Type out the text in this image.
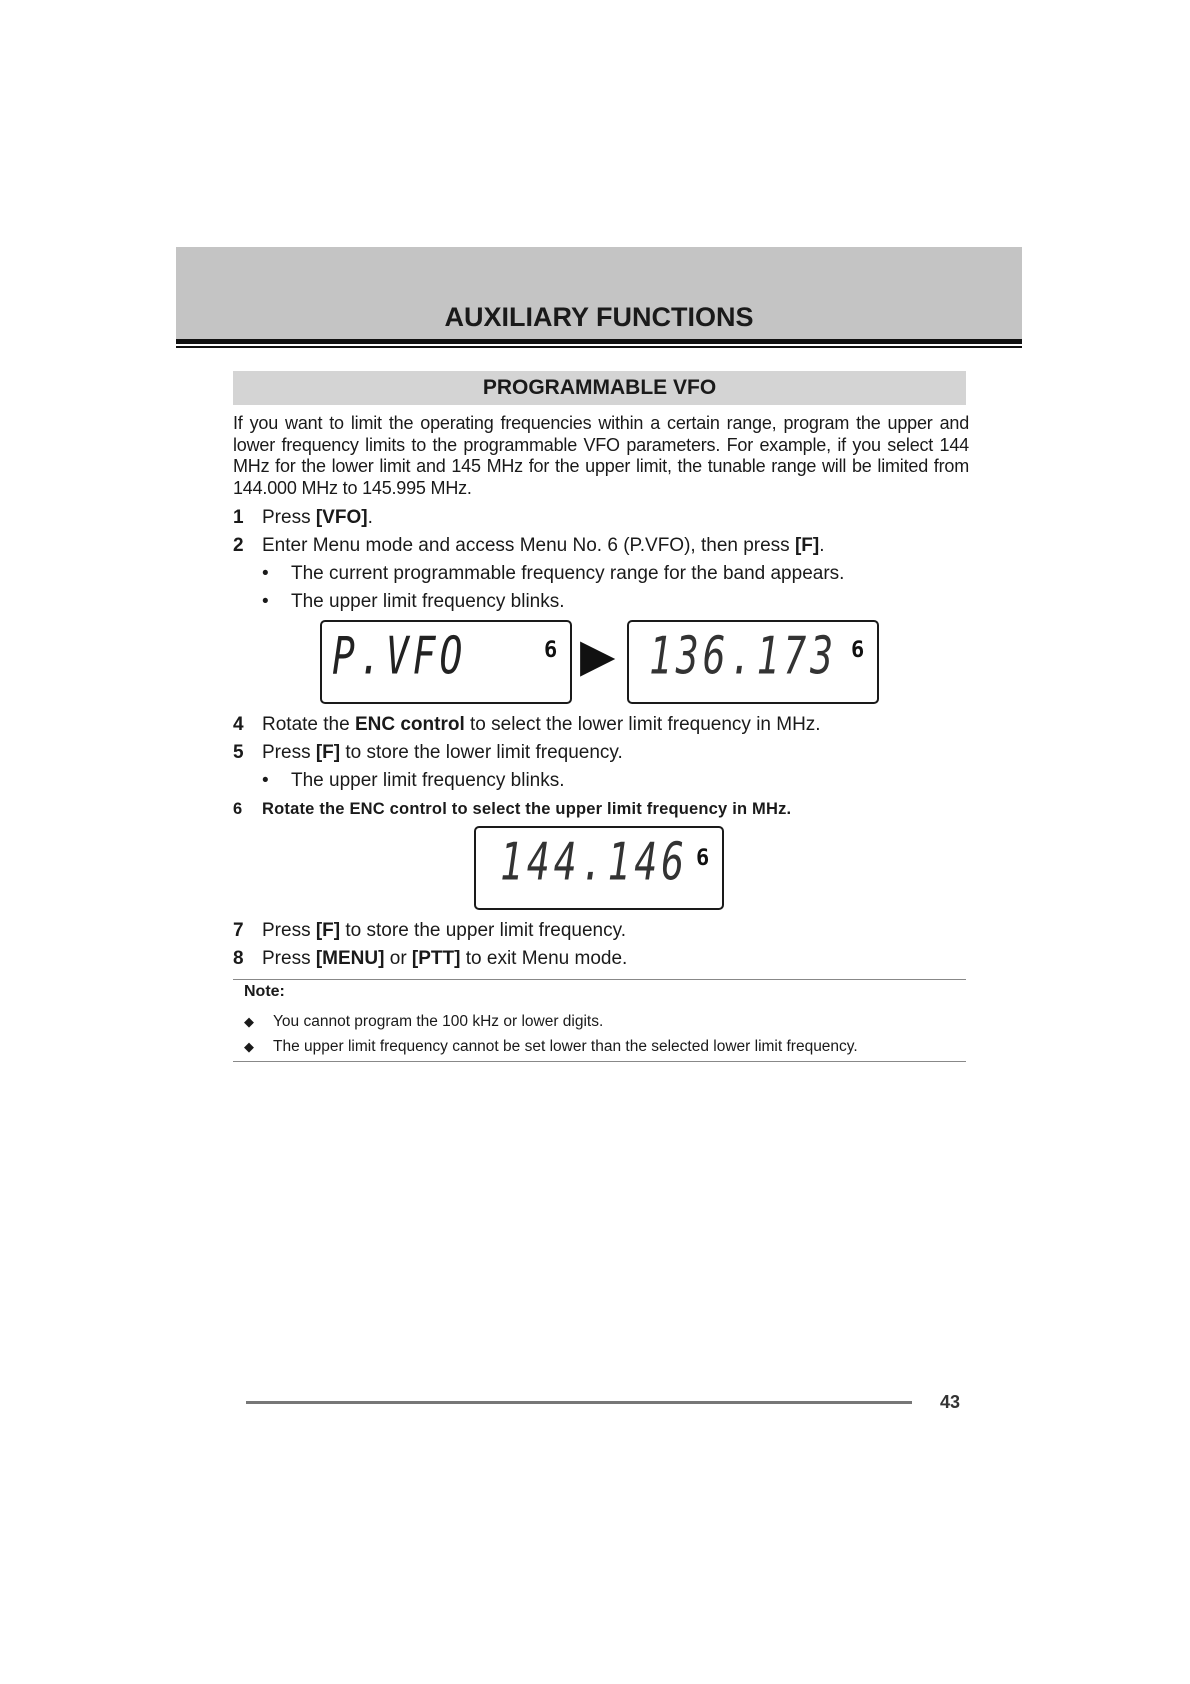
AUXILIARY FUNCTIONS
PROGRAMMABLE VFO
If you want to limit the operating frequencies within a certain range, program the upper and lower frequency limits to the programmable VFO parameters. For example, if you select 144 MHz for the lower limit and 145 MHz for the upper limit, the tunable range will be limited from 144.000 MHz to 145.995 MHz.
1 Press [VFO].
2 Enter Menu mode and access Menu No. 6 (P.VFO), then press [F].
• The current programmable frequency range for the band appears.
• The upper limit frequency blinks.
P.VFO	6 ▶ 136.173 6
4 Rotate the ENC control to select the lower limit frequency in MHz.
5 Press [F] to store the lower limit frequency.
• The upper limit frequency blinks.
6 Rotate the ENC control to select the upper limit frequency in MHz.
144.146 6
7 Press [F] to store the upper limit frequency.
8 Press [MENU] or [PTT] to exit Menu mode.
Note:
◆ You cannot program the 100 kHz or lower digits.
◆ The upper limit frequency cannot be set lower than the selected lower limit frequency.
43
